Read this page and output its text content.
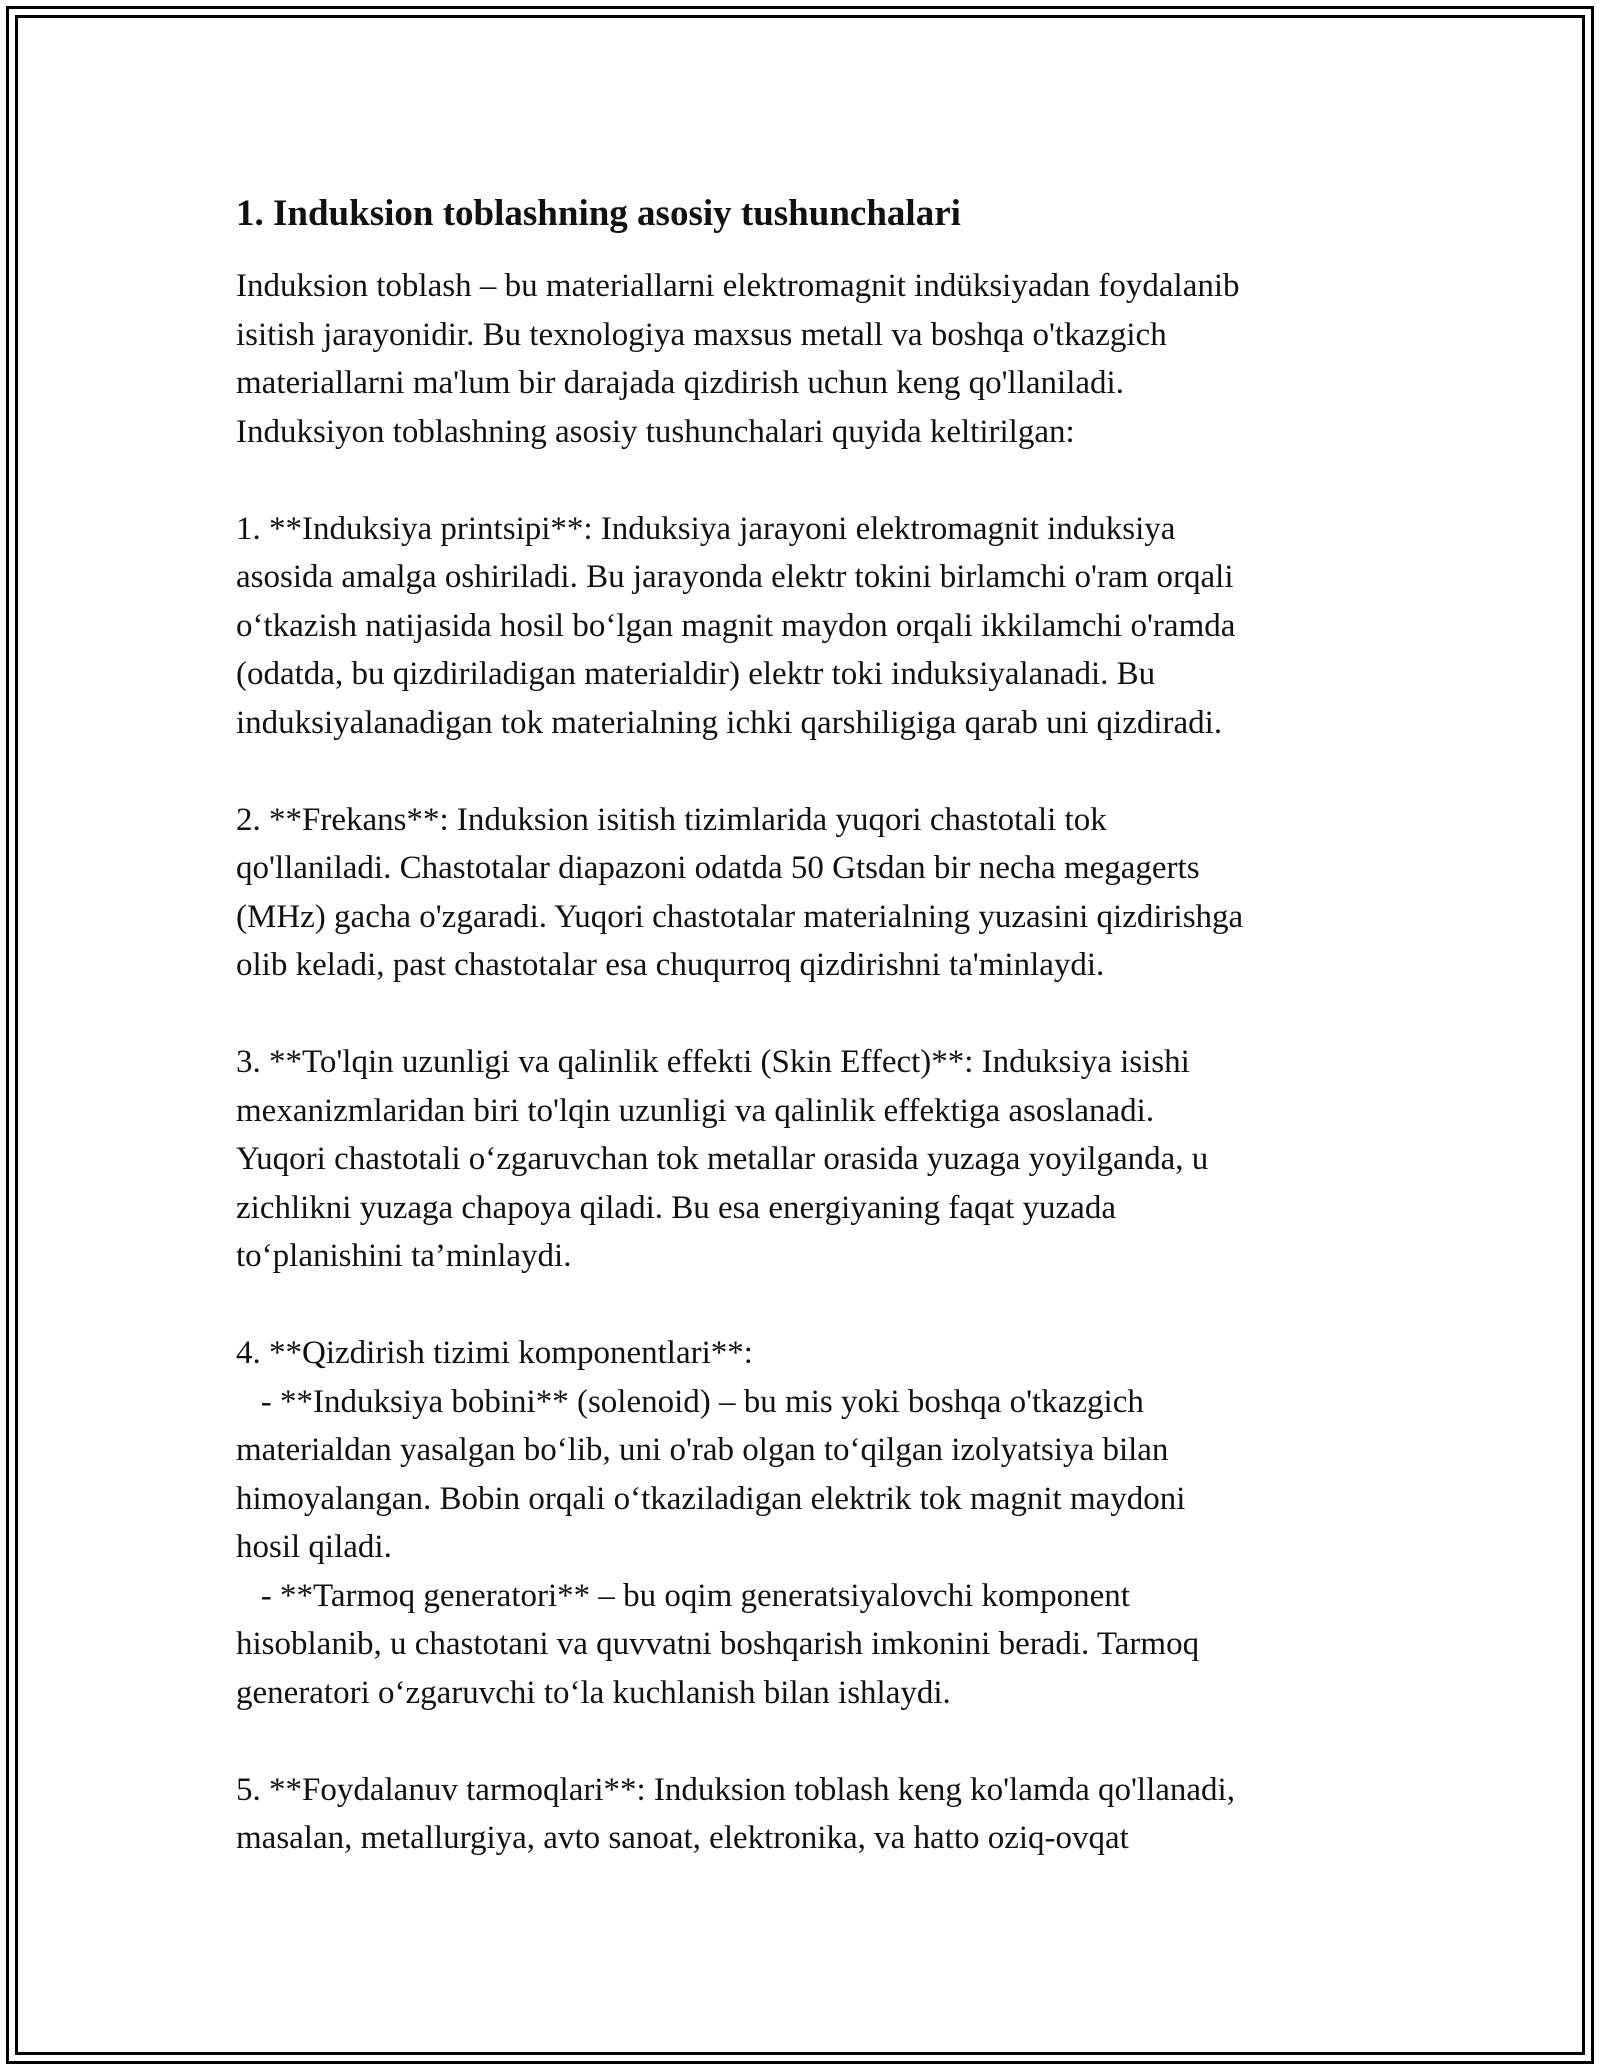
1. Induksion toblashning asosiy tushunchalari
Induksion toblash – bu materiallarni elektromagnit indüksiyadan foydalanib
isitish jarayonidir. Bu texnologiya maxsus metall va boshqa o'tkazgich
materiallarni ma'lum bir darajada qizdirish uchun keng qo'llaniladi.
Induksiyon toblashning asosiy tushunchalari quyida keltirilgan:
1. **Induksiya printsipi**: Induksiya jarayoni elektromagnit induksiya
asosida amalga oshiriladi. Bu jarayonda elektr tokini birlamchi o'ram orqali
o‘tkazish natijasida hosil bo‘lgan magnit maydon orqali ikkilamchi o'ramda
(odatda, bu qizdiriladigan materialdir) elektr toki induksiyalanadi. Bu
induksiyalanadigan tok materialning ichki qarshiligiga qarab uni qizdiradi.
2. **Frekans**: Induksion isitish tizimlarida yuqori chastotali tok
qo'llaniladi. Chastotalar diapazoni odatda 50 Gtsdan bir necha megagerts
(MHz) gacha o'zgaradi. Yuqori chastotalar materialning yuzasini qizdirishga
olib keladi, past chastotalar esa chuqurroq qizdirishni ta'minlaydi.
3. **To'lqin uzunligi va qalinlik effekti (Skin Effect)**: Induksiya isishi
mexanizmlaridan biri to'lqin uzunligi va qalinlik effektiga asoslanadi.
Yuqori chastotali o‘zgaruvchan tok metallar orasida yuzaga yoyilganda, u
zichlikni yuzaga chapoya qiladi. Bu esa energiyaning faqat yuzada
to‘planishini ta’minlaydi.
4. **Qizdirish tizimi komponentlari**:
- **Induksiya bobini** (solenoid) – bu mis yoki boshqa o'tkazgich
materialdan yasalgan bo‘lib, uni o'rab olgan to‘qilgan izolyatsiya bilan
himoyalangan. Bobin orqali o‘tkaziladigan elektrik tok magnit maydoni
hosil qiladi.
- **Tarmoq generatori** – bu oqim generatsiyalovchi komponent
hisoblanib, u chastotani va quvvatni boshqarish imkonini beradi. Tarmoq
generatori o‘zgaruvchi to‘la kuchlanish bilan ishlaydi.
5. **Foydalanuv tarmoqlari**: Induksion toblash keng ko'lamda qo'llanadi,
masalan, metallurgiya, avto sanoat, elektronika, va hatto oziq-ovqat
